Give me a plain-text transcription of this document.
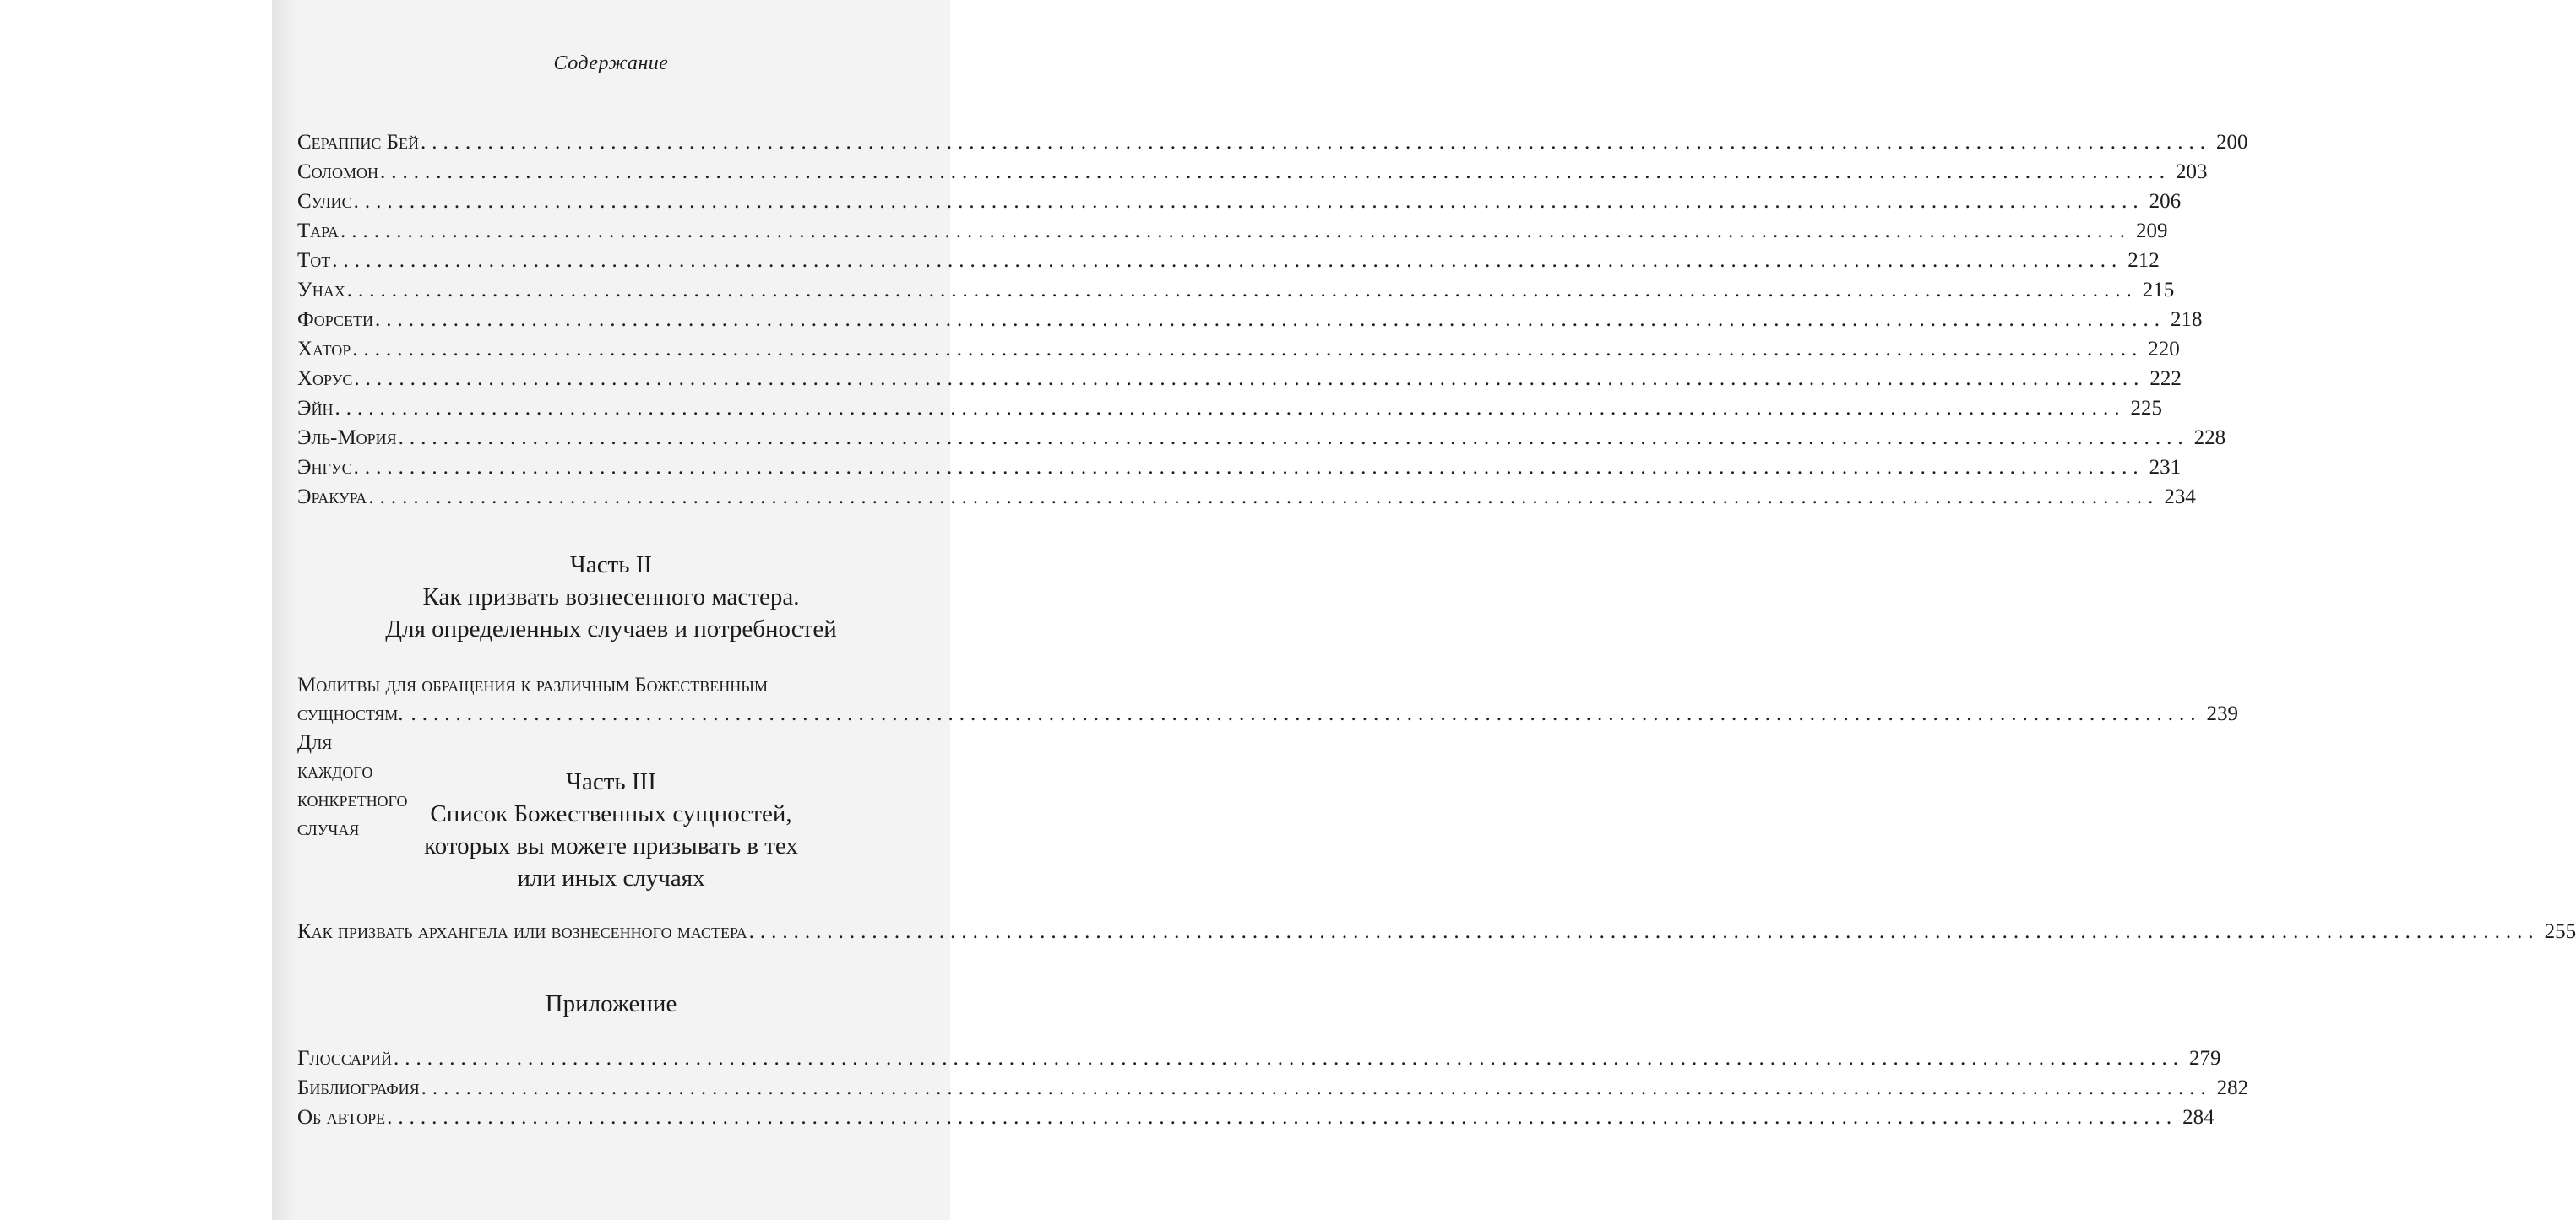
Содержание
Сераппис Бей ................................................................................................................................................................ 200
Соломон ................................................................................................................................................................ 203
Сулис ................................................................................................................................................................ 206
Тара ................................................................................................................................................................ 209
Тот ................................................................................................................................................................ 212
Унах ................................................................................................................................................................ 215
Форсети ................................................................................................................................................................ 218
Хатор ................................................................................................................................................................ 220
Хорус ................................................................................................................................................................ 222
Эйн ................................................................................................................................................................ 225
Эль-Мория ................................................................................................................................................................ 228
Энгус ................................................................................................................................................................ 231
Эракура ................................................................................................................................................................ 234
Часть II
Как призвать вознесенного мастера.
Для определенных случаев и потребностей
Молитвы для обращения к различным Божественным
сущностям. Для каждого конкретного случая
................................................................................................................................................................ 239
Часть III
Список Божественных сущностей,
которых вы можете призывать в тех
или иных случаях
Как призвать архангела или вознесенного мастера ................................................................................................................................................................ 255
Приложение
Глоссарий ................................................................................................................................................................ 279
Библиография ................................................................................................................................................................ 282
Об авторе ................................................................................................................................................................ 284
